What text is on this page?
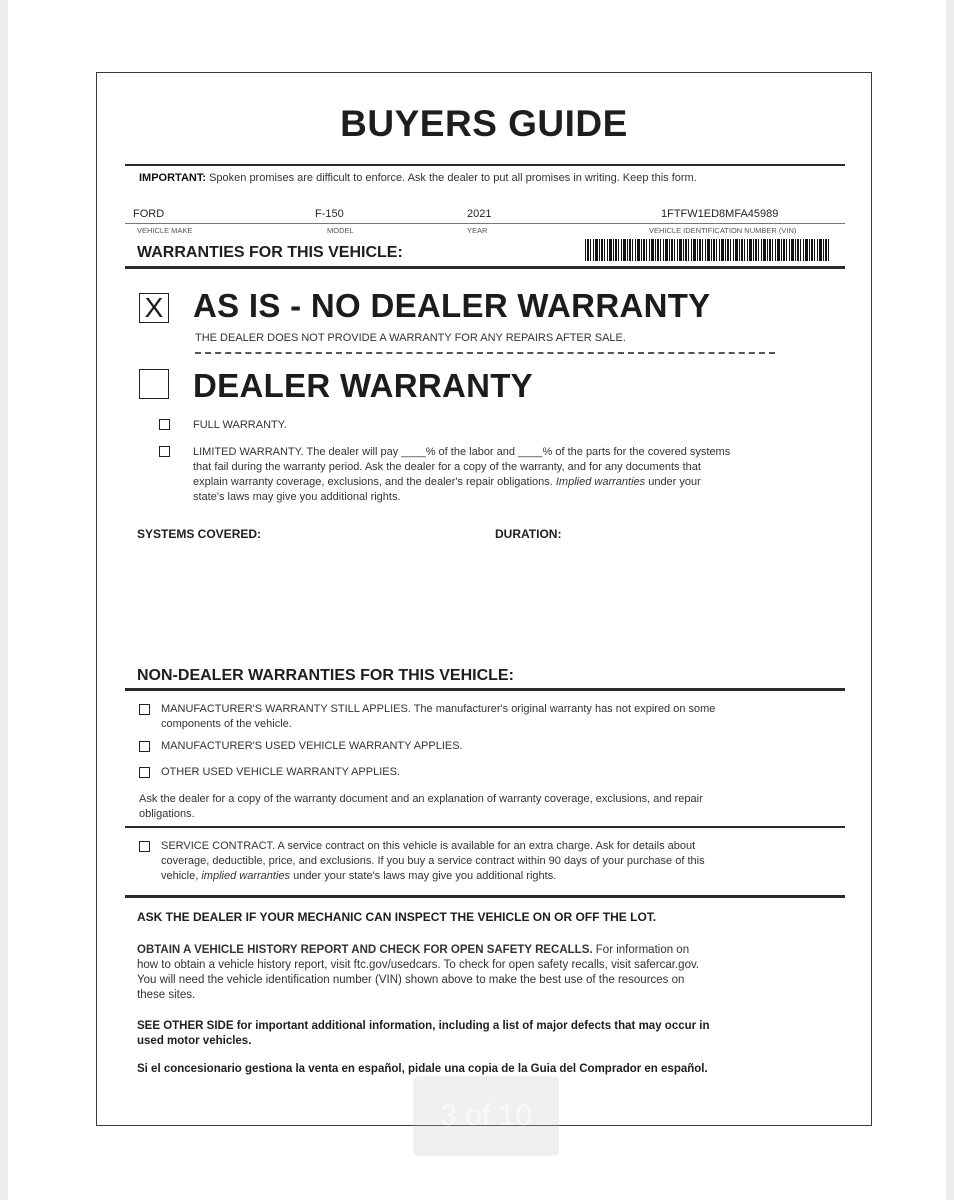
BUYERS GUIDE
IMPORTANT: Spoken promises are difficult to enforce. Ask the dealer to put all promises in writing. Keep this form.
FORD	F-150	2021	1FTFW1ED8MFA45989
VEHICLE MAKE	MODEL	YEAR	VEHICLE IDENTIFICATION NUMBER (VIN)
WARRANTIES FOR THIS VEHICLE:
X AS IS - NO DEALER WARRANTY
THE DEALER DOES NOT PROVIDE A WARRANTY FOR ANY REPAIRS AFTER SALE.
DEALER WARRANTY
FULL WARRANTY.
LIMITED WARRANTY. The dealer will pay ____% of the labor and ____% of the parts for the covered systems
that fail during the warranty period. Ask the dealer for a copy of the warranty, and for any documents that
explain warranty coverage, exclusions, and the dealer's repair obligations. Implied warranties under your
state's laws may give you additional rights.
SYSTEMS COVERED:	DURATION:
NON-DEALER WARRANTIES FOR THIS VEHICLE:
MANUFACTURER'S WARRANTY STILL APPLIES. The manufacturer's original warranty has not expired on some
components of the vehicle.
MANUFACTURER'S USED VEHICLE WARRANTY APPLIES.
OTHER USED VEHICLE WARRANTY APPLIES.
Ask the dealer for a copy of the warranty document and an explanation of warranty coverage, exclusions, and repair
obligations.
SERVICE CONTRACT. A service contract on this vehicle is available for an extra charge. Ask for details about
coverage, deductible, price, and exclusions. If you buy a service contract within 90 days of your purchase of this
vehicle, implied warranties under your state's laws may give you additional rights.
ASK THE DEALER IF YOUR MECHANIC CAN INSPECT THE VEHICLE ON OR OFF THE LOT.
OBTAIN A VEHICLE HISTORY REPORT AND CHECK FOR OPEN SAFETY RECALLS. For information on
how to obtain a vehicle history report, visit ftc.gov/usedcars. To check for open safety recalls, visit safercar.gov.
You will need the vehicle identification number (VIN) shown above to make the best use of the resources on
these sites.
SEE OTHER SIDE for important additional information, including a list of major defects that may occur in
used motor vehicles.
Si el concesionario gestiona la venta en español, pidale una copia de la Guia del Comprador en español.
3 of 10
